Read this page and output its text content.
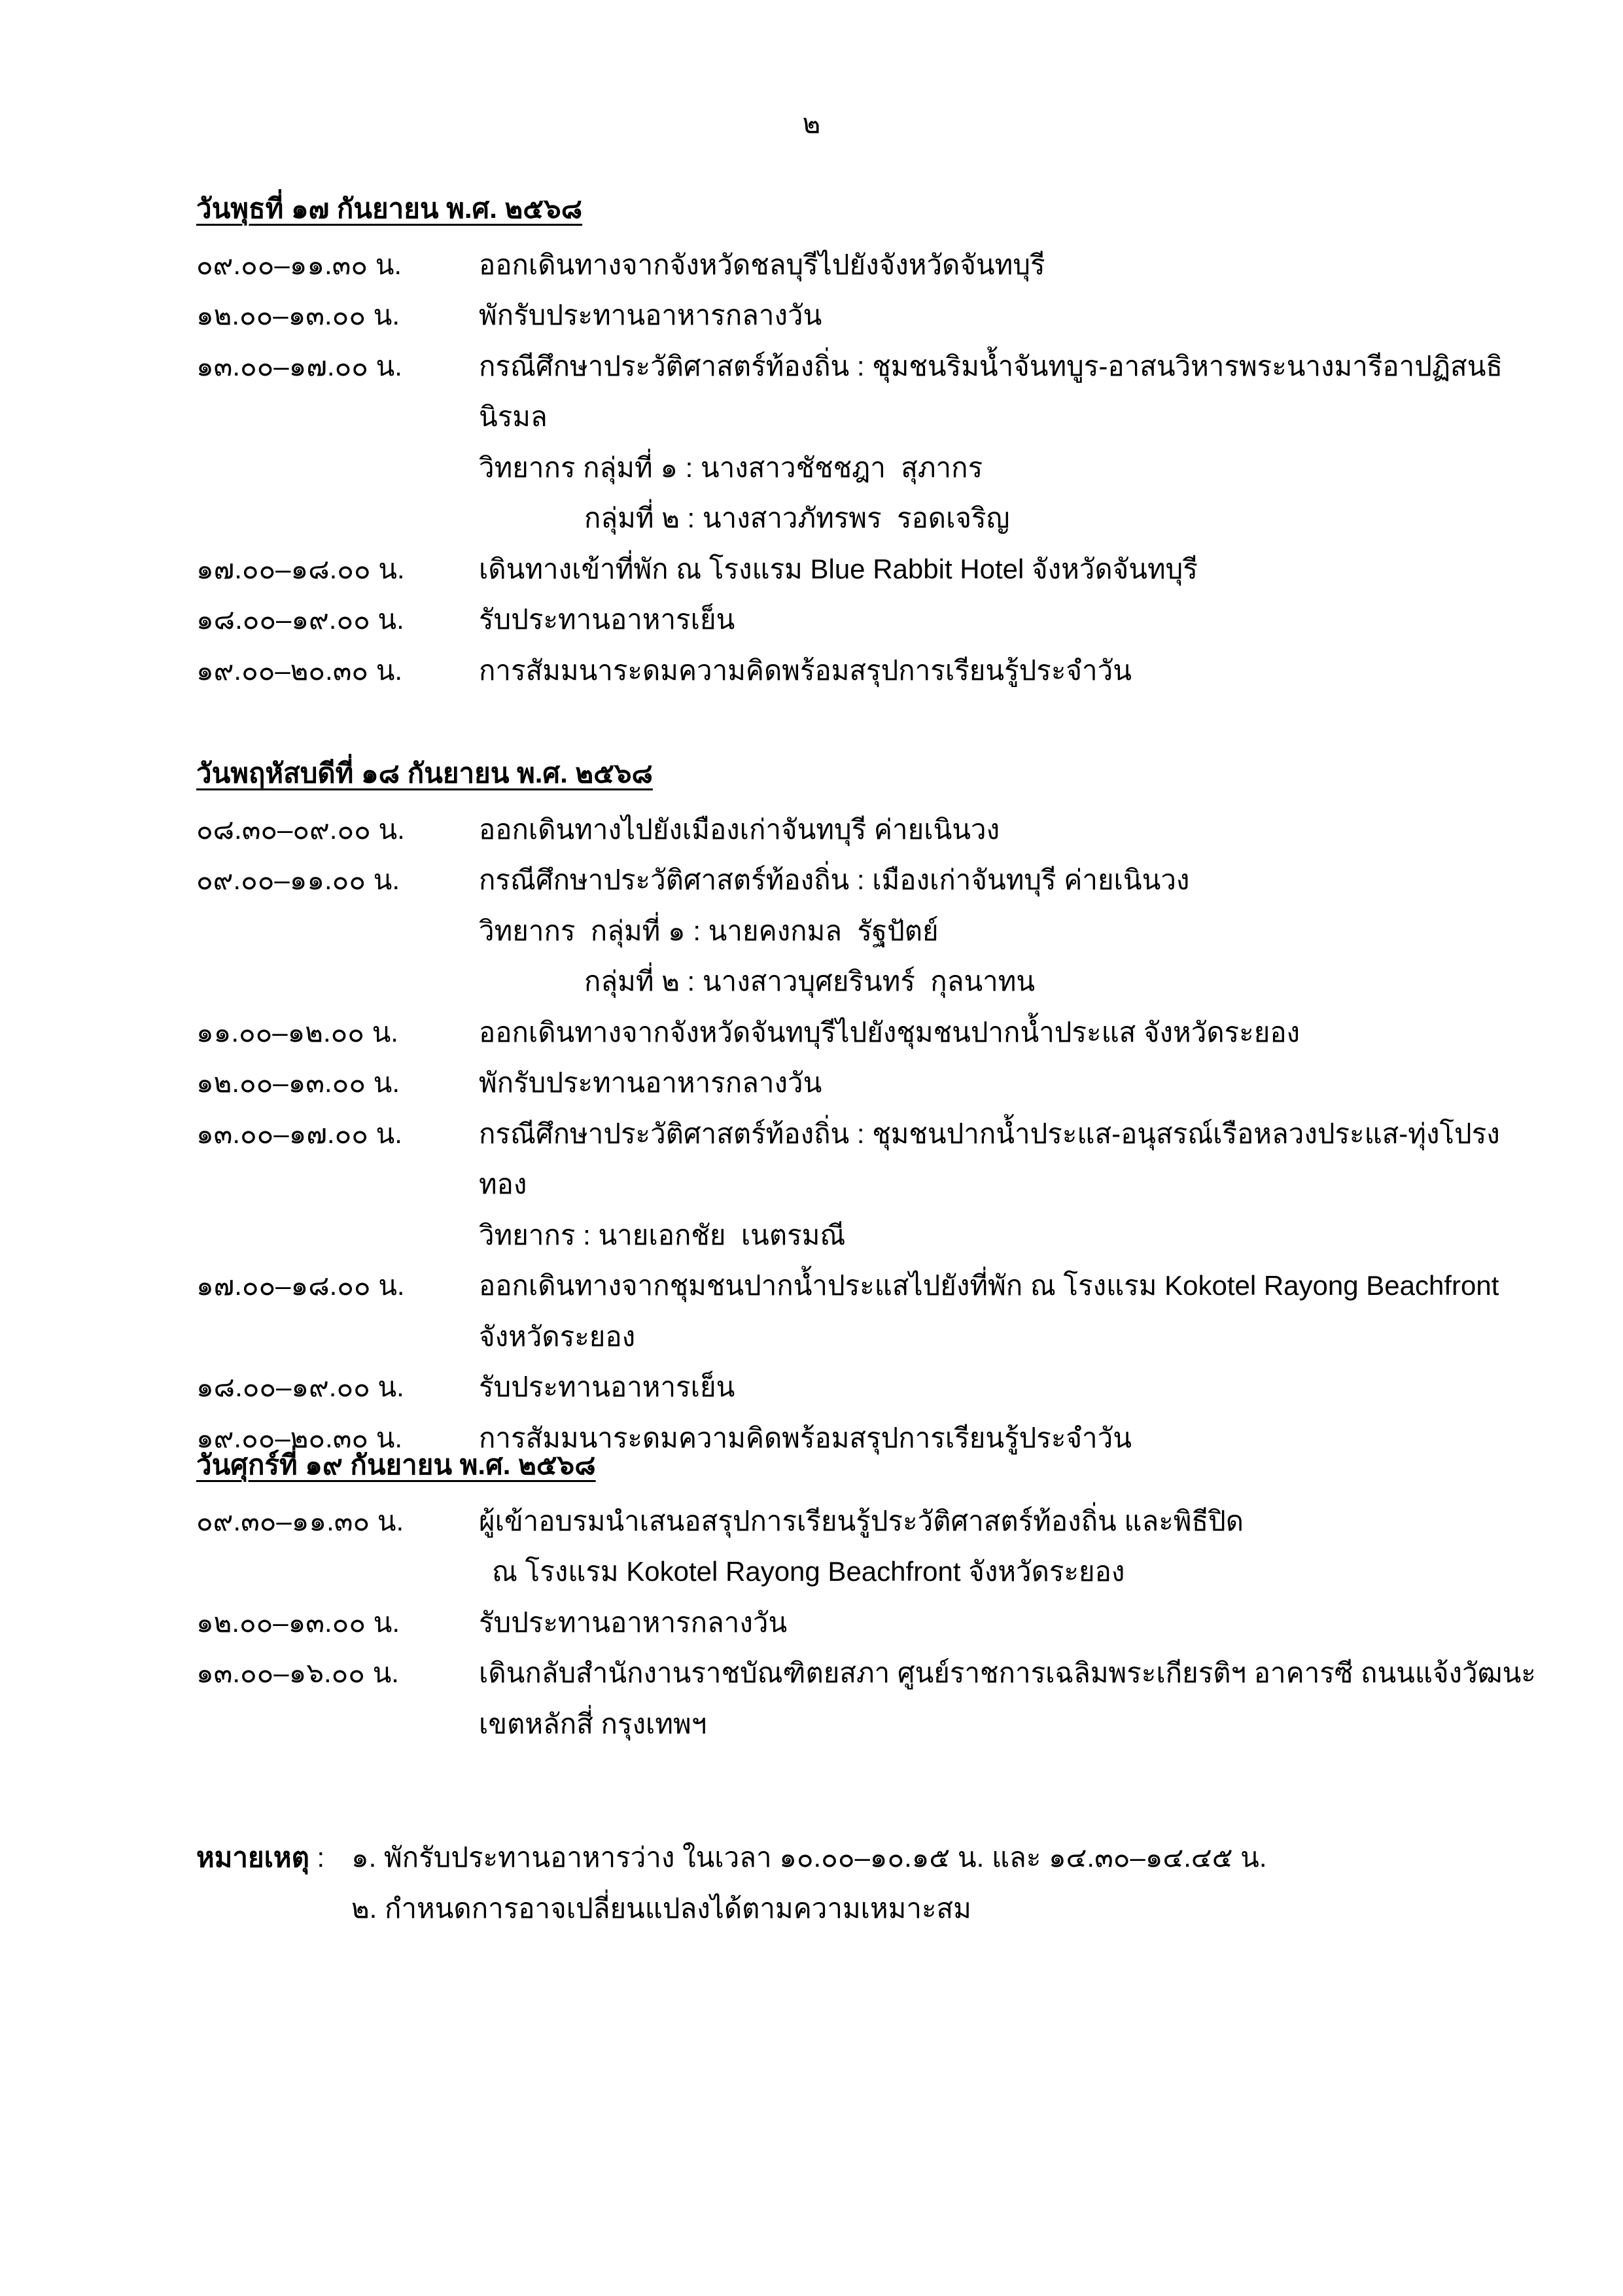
๒
วันพุธที่ ๑๗ กันยายน พ.ศ. ๒๕๖๘
๐๙.๐๐–๑๑.๓๐ น.	ออกเดินทางจากจังหวัดชลบุรีไปยังจังหวัดจันทบุรี
๑๒.๐๐–๑๓.๐๐ น.	พักรับประทานอาหารกลางวัน
๑๓.๐๐–๑๗.๐๐ น.	กรณีศึกษาประวัติศาสตร์ท้องถิ่น : ชุมชนริมน้ำจันทบูร-อาสนวิหารพระนางมารีอาปฏิสนธิ
นิรมล
วิทยากร กลุ่มที่ ๑ : นางสาวชัชชฎา  สุภากร
กลุ่มที่ ๒ : นางสาวภัทรพร  รอดเจริญ
๑๗.๐๐–๑๘.๐๐ น.	เดินทางเข้าที่พัก ณ โรงแรม Blue Rabbit Hotel จังหวัดจันทบุรี
๑๘.๐๐–๑๙.๐๐ น.	รับประทานอาหารเย็น
๑๙.๐๐–๒๐.๓๐ น.	การสัมมนาระดมความคิดพร้อมสรุปการเรียนรู้ประจำวัน
วันพฤหัสบดีที่ ๑๘ กันยายน พ.ศ. ๒๕๖๘
๐๘.๓๐–๐๙.๐๐ น.	ออกเดินทางไปยังเมืองเก่าจันทบุรี ค่ายเนินวง
๐๙.๐๐–๑๑.๐๐ น.	กรณีศึกษาประวัติศาสตร์ท้องถิ่น : เมืองเก่าจันทบุรี ค่ายเนินวง
วิทยากร  กลุ่มที่ ๑ : นายคงกมล  รัฐปัตย์
กลุ่มที่ ๒ : นางสาวบุศยรินทร์  กุลนาทน
๑๑.๐๐–๑๒.๐๐ น.	ออกเดินทางจากจังหวัดจันทบุรีไปยังชุมชนปากน้ำประแส จังหวัดระยอง
๑๒.๐๐–๑๓.๐๐ น.	พักรับประทานอาหารกลางวัน
๑๓.๐๐–๑๗.๐๐ น.	กรณีศึกษาประวัติศาสตร์ท้องถิ่น : ชุมชนปากน้ำประแส-อนุสรณ์เรือหลวงประแส-ทุ่งโปรงทอง
วิทยากร : นายเอกชัย  เนตรมณี
๑๗.๐๐–๑๘.๐๐ น.	ออกเดินทางจากชุมชนปากน้ำประแสไปยังที่พัก ณ โรงแรม Kokotel Rayong Beachfront
จังหวัดระยอง
๑๘.๐๐–๑๙.๐๐ น.	รับประทานอาหารเย็น
๑๙.๐๐–๒๐.๓๐ น.	การสัมมนาระดมความคิดพร้อมสรุปการเรียนรู้ประจำวัน
วันศุกร์ที่ ๑๙ กันยายน พ.ศ. ๒๕๖๘
๐๙.๓๐–๑๑.๓๐ น.	ผู้เข้าอบรมนำเสนอสรุปการเรียนรู้ประวัติศาสตร์ท้องถิ่น และพิธีปิด
ณ โรงแรม Kokotel Rayong Beachfront จังหวัดระยอง
๑๒.๐๐–๑๓.๐๐ น.	รับประทานอาหารกลางวัน
๑๓.๐๐–๑๖.๐๐ น.	เดินกลับสำนักงานราชบัณฑิตยสภา ศูนย์ราชการเฉลิมพระเกียรติฯ อาคารซี ถนนแจ้งวัฒนะ
เขตหลักสี่ กรุงเทพฯ
หมายเหตุ : ๑. พักรับประทานอาหารว่าง ในเวลา ๑๐.๐๐–๑๐.๑๕ น. และ ๑๔.๓๐–๑๔.๔๕ น.
๒. กำหนดการอาจเปลี่ยนแปลงได้ตามความเหมาะสม
